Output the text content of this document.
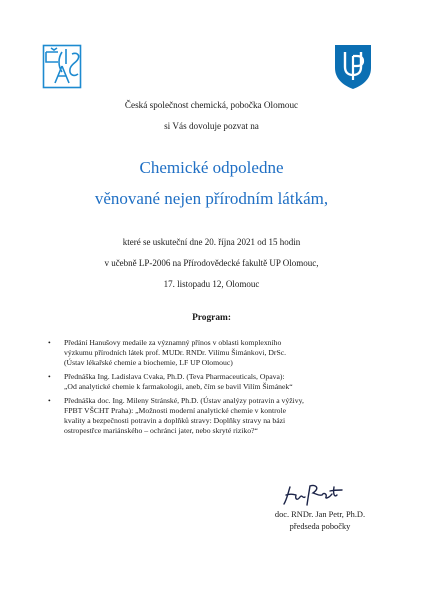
Česká společnost chemická, pobočka Olomouc
si Vás dovoluje pozvat na
Chemické odpoledne
věnované nejen přírodním látkám,
které se uskuteční dne 20. října 2021 od 15 hodin
v učebně LP-2006 na Přírodovědecké fakultě UP Olomouc,
17. listopadu 12, Olomouc
Program:
• Předání Hanušovy medaile za významný přínos v oblasti komplexního
výzkumu přírodních látek prof. MUDr. RNDr. Vilímu Šimánkovi, DrSc.
(Ústav lékařské chemie a biochemie, LF UP Olomouc)
• Přednáška Ing. Ladislava Cvaka, Ph.D. (Teva Pharmaceuticals, Opava):
„Od analytické chemie k farmakologii, aneb, čím se bavil Vilím Šimánek“
• Přednáška doc. Ing. Mileny Stránské, Ph.D. (Ústav analýzy potravin a výživy,
FPBT VŠCHT Praha): „Možnosti moderní analytické chemie v kontrole
kvality a bezpečnosti potravin a doplňků stravy: Doplňky stravy na bázi
ostropestřce mariánského – ochránci jater, nebo skryté riziko?“
doc. RNDr. Jan Petr, Ph.D.
předseda pobočky
